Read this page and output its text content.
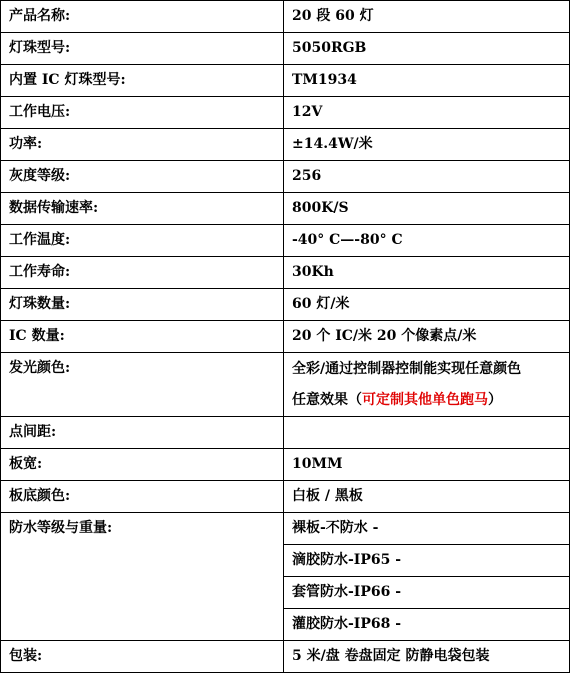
产品名称:	20 段 60 灯
灯珠型号:	5050RGB
内置 IC 灯珠型号:	TM1934
工作电压:	12V
功率:	±14.4W/米
灰度等级:	256
数据传输速率:	800K/S
工作温度:	-40° C—-80° C
工作寿命:	30Kh
灯珠数量:	60 灯/米
IC 数量:	20 个 IC/米 20 个像素点/米
发光颜色:	全彩/通过控制器控制能实现任意颜色
任意效果（可定制其他单色跑马）

点间距:	
板宽:	10MM
板底颜色:	白板 / 黑板
防水等级与重量:	裸板-不防水 -
	滴胶防水-IP65 -
	套管防水-IP66 -
	灌胶防水-IP68 -
包装:	5 米/盘 卷盘固定 防静电袋包装
